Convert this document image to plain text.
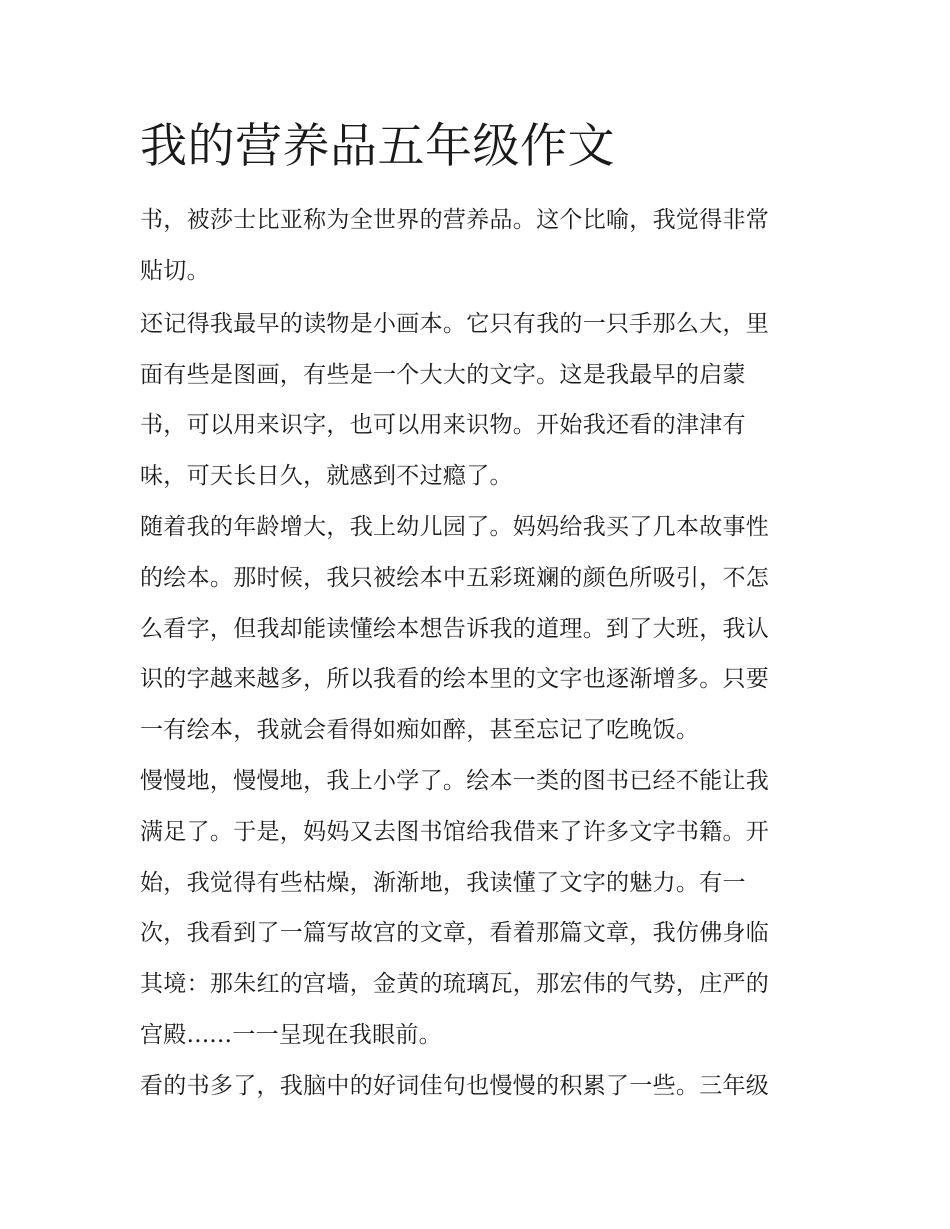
我的营养品五年级作文

书，被莎士比亚称为全世界的营养品。这个比喻，我觉得非常

贴切。

还记得我最早的读物是小画本。它只有我的一只手那么大，里

面有些是图画，有些是一个大大的文字。这是我最早的启蒙

书，可以用来识字，也可以用来识物。开始我还看的津津有

味，可天长日久，就感到不过瘾了。

随着我的年龄增大，我上幼儿园了。妈妈给我买了几本故事性

的绘本。那时候，我只被绘本中五彩斑斓的颜色所吸引，不怎

么看字，但我却能读懂绘本想告诉我的道理。到了大班，我认

识的字越来越多，所以我看的绘本里的文字也逐渐增多。只要

一有绘本，我就会看得如痴如醉，甚至忘记了吃晚饭。

慢慢地，慢慢地，我上小学了。绘本一类的图书已经不能让我

满足了。于是，妈妈又去图书馆给我借来了许多文字书籍。开

始，我觉得有些枯燥，渐渐地，我读懂了文字的魅力。有一

次，我看到了一篇写故宫的文章，看着那篇文章，我仿佛身临

其境：那朱红的宫墙，金黄的琉璃瓦，那宏伟的气势，庄严的

宫殿......一一呈现在我眼前。

看的书多了，我脑中的好词佳句也慢慢的积累了一些。三年级
